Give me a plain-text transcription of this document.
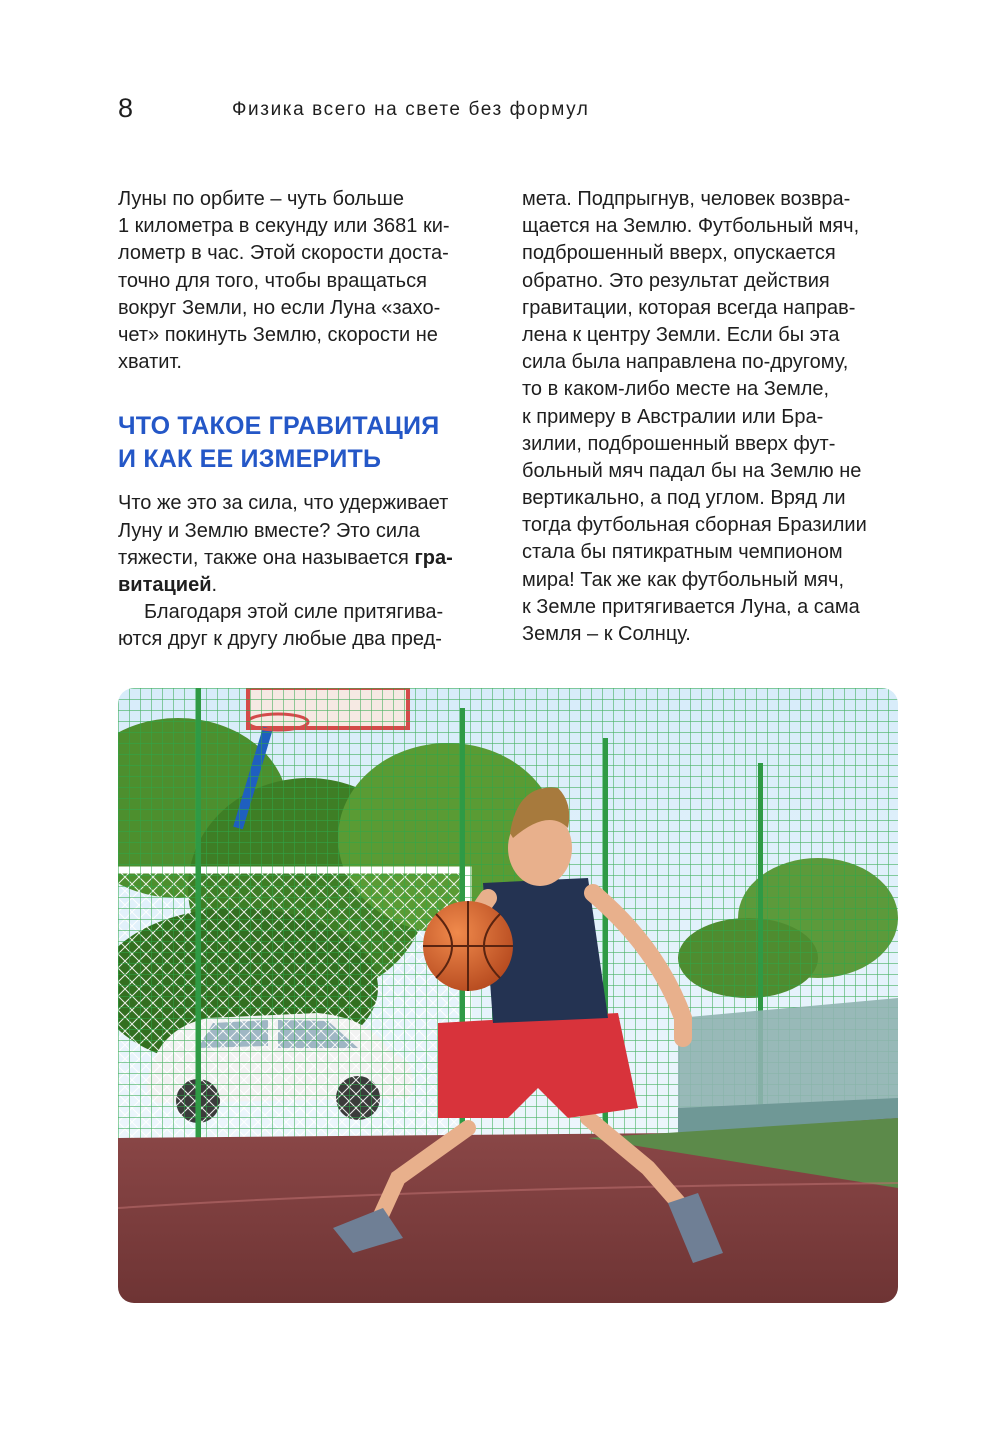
8	Физика всего на свете без формул
Луны по орбите – чуть больше
1 километра в секунду или 3681 ки-
лометр в час. Этой скорости доста-
точно для того, чтобы вращаться
вокруг Земли, но если Луна «захо-
чет» покинуть Землю, скорости не
хватит.
ЧТО ТАКОЕ ГРАВИТАЦИЯ
И КАК ЕЕ ИЗМЕРИТЬ
Что же это за сила, что удерживает
Луну и Землю вместе? Это сила
тяжести, также она называется гра-
витацией.
Благодаря этой силе притягива-
ются друг к другу любые два пред-
мета. Подпрыгнув, человек возвра-
щается на Землю. Футбольный мяч,
подброшенный вверх, опускается
обратно. Это результат действия
гравитации, которая всегда направ-
лена к центру Земли. Если бы эта
сила была направлена по-другому,
то в каком-либо месте на Земле,
к примеру в Австралии или Бра-
зилии, подброшенный вверх фут-
больный мяч падал бы на Землю не
вертикально, а под углом. Вряд ли
тогда футбольная сборная Бразилии
стала бы пятикратным чемпионом
мира! Так же как футбольный мяч,
к Земле притягивается Луна, а сама
Земля – к Солнцу.
